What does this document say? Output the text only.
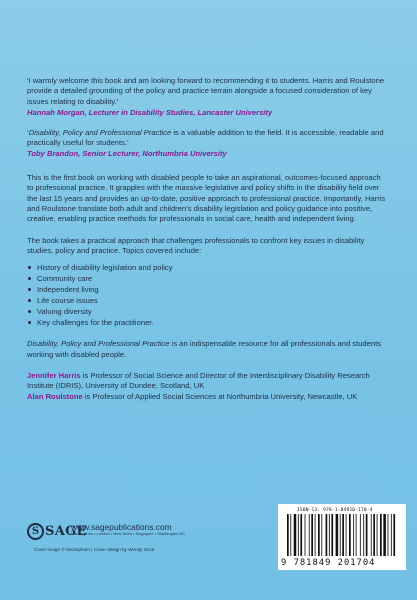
‘I warmly welcome this book and am looking forward to recommending it to students. Harris and Roulstone provide a detailed grounding of the policy and practice terrain alongside a focused consideration of key issues relating to disability.’

Hannah Morgan, Lecturer in Disability Studies, Lancaster University

‘Disability, Policy and Professional Practice is a valuable addition to the field. It is accessible, readable and practically useful for students.’

Toby Brandon, Senior Lecturer, Northumbria University

This is the first book on working with disabled people to take an aspirational, outcomes-focused approach to professional practice. It grapples with the massive legislative and policy shifts in the disability field over the last 15 years and provides an up-to-date, positive approach to professional practice. Importantly, Harris and Roulstone translate both adult and children’s disability legislation and policy guidance into positive, creative, enabling practice methods for professionals in social care, health and independent living.

The book takes a practical approach that challenges professionals to confront key issues in disability studies, policy and practice. Topics covered include:

History of disability legislation and policy
Community care
Independent living
Life course issues
Valuing diversity
Key challenges for the practitioner.

Disability, Policy and Professional Practice is an indispensable resource for all professionals and students working with disabled people.

Jennifer Harris is Professor of Social Science and Director of the Interdisciplinary Disability Research Institute (IDRIS), University of Dundee, Scotland, UK

Alan Roulstone is Professor of Applied Social Sciences at Northumbria University, Newcastle, UK

S SAGE
www.sagepublications.com
Los Angeles • London • New Delhi • Singapore • Washington DC
Cover image © iStockphoto | Cover design by Wendy Scott
ISBN-13: 978-1-84920-170-4
9 781849 201704
